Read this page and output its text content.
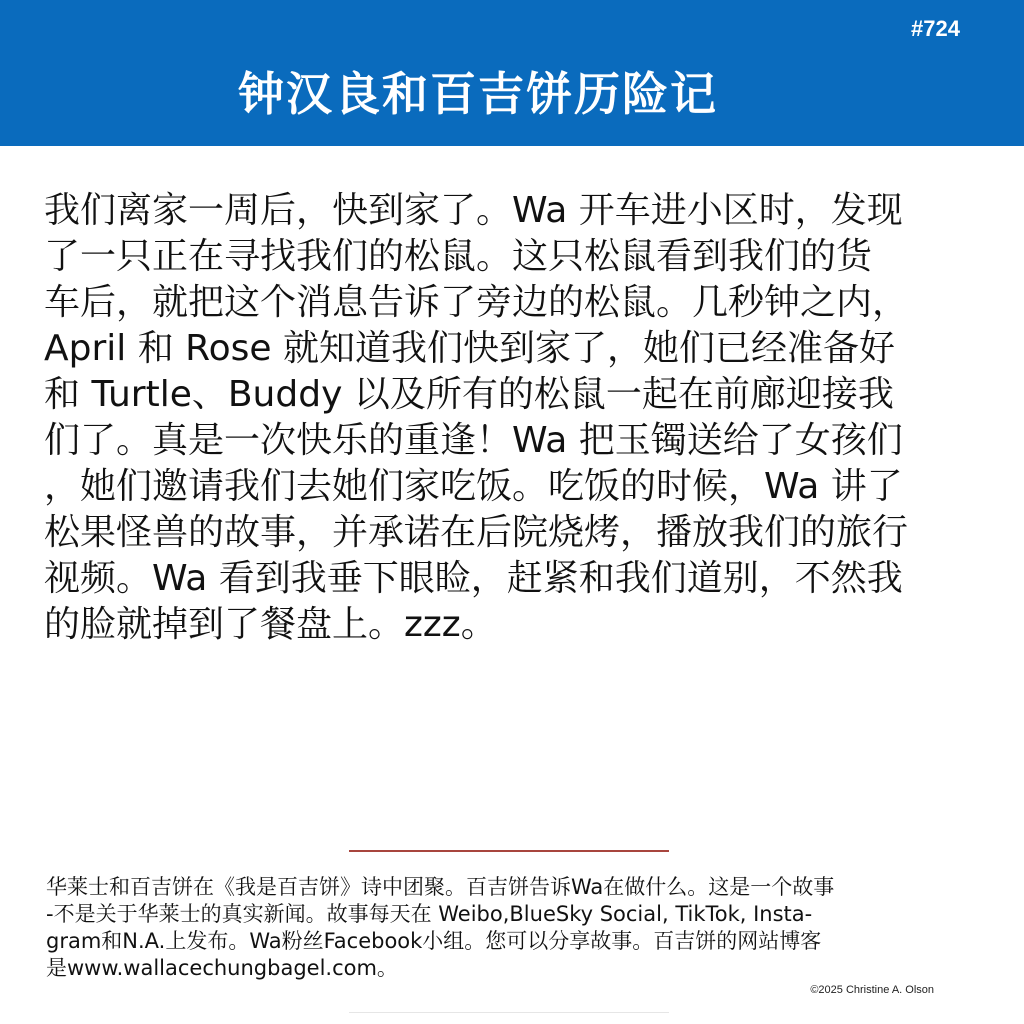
#724
钟汉良和百吉饼历险记
我们离家一周后，快到家了。Wa 开车进小区时，发现
了一只正在寻找我们的松鼠。这只松鼠看到我们的货
车后，就把这个消息告诉了旁边的松鼠。几秒钟之内，
April 和 Rose 就知道我们快到家了，她们已经准备好
和 Turtle、Buddy 以及所有的松鼠一起在前廊迎接我
们了。真是一次快乐的重逢！Wa 把玉镯送给了女孩们
，她们邀请我们去她们家吃饭。吃饭的时候，Wa 讲了
松果怪兽的故事，并承诺在后院烧烤，播放我们的旅行
视频。Wa 看到我垂下眼睑，赶紧和我们道别，不然我
的脸就掉到了餐盘上。zzz。
华莱士和百吉饼在《我是百吉饼》诗中团聚。百吉饼告诉Wa在做什么。这是一个故事
-不是关于华莱士的真实新闻。故事每天在 Weibo,BlueSky Social, TikTok, Insta-
gram和N.A.上发布。Wa粉丝Facebook小组。您可以分享故事。百吉饼的网站博客
是www.wallacechungbagel.com。
©2025 Christine A. Olson
